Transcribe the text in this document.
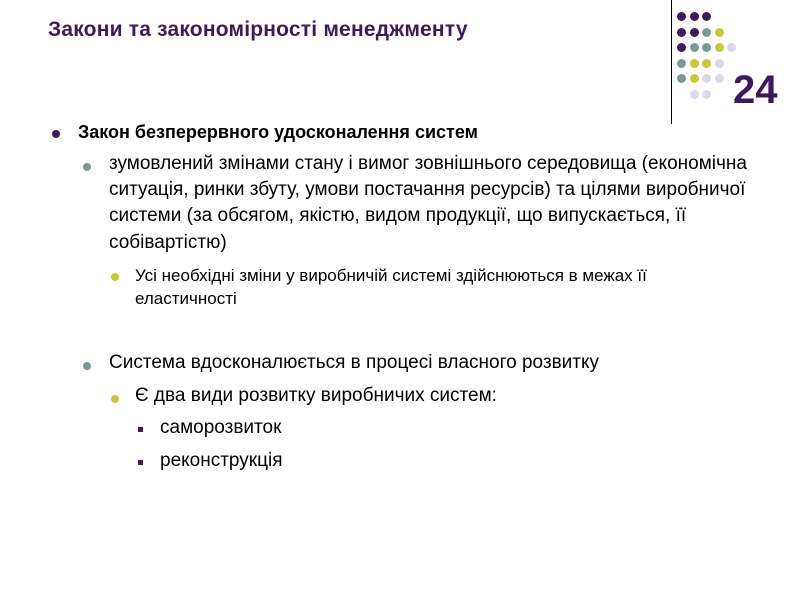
Закони та закономірності менеджменту
24
Закон безперервного удосконалення систем
зумовлений змінами стану і вимог зовнішнього середовища (економічна ситуація, ринки збуту, умови постачання ресурсів) та цілями виробничої системи (за обсягом, якістю, видом продукції, що випускається, її собівартістю)
Усі необхідні зміни у виробничій системі здійснюються в межах її еластичності
Система вдосконалюється в процесі власного розвитку
Є два види розвитку виробничих систем:
саморозвиток
реконструкція
